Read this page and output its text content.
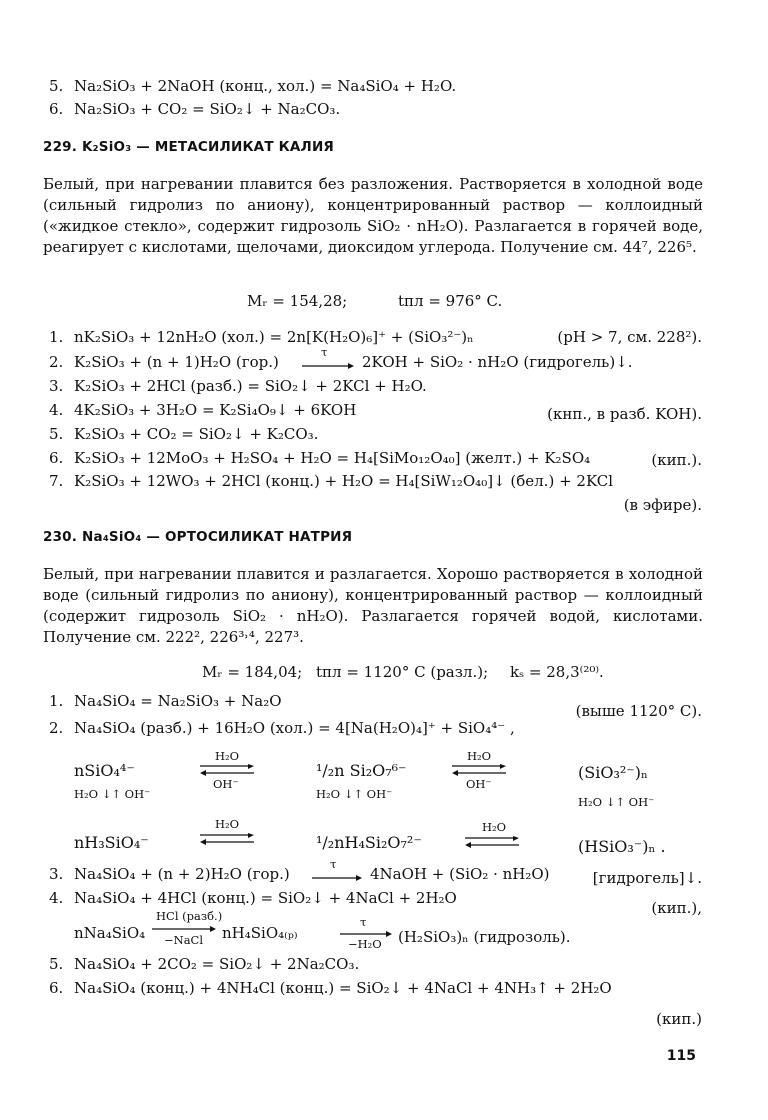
5. Na₂SiO₃ + 2NaOH (конц., хол.) = Na₄SiO₄ + H₂O.
6. Na₂SiO₃ + CO₂ = SiO₂↓ + Na₂CO₃.
229. K₂SiO₃ — МЕТАСИЛИКАТ КАЛИЯ
Белый, при нагревании плавится без разложения. Растворяется в холодной воде (сильный гидролиз по аниону), концентрированный раствор — коллоидный («жидкое стекло», содержит гидрозоль SiO₂ · nH₂O). Разлагается в горячей воде, реагирует с кислотами, щелочами, диоксидом углерода. Получение см. 44⁷, 226⁵.
Mᵣ = 154,28;	tпл = 976° C.
1. nK₂SiO₃ + 12nH₂O (хол.) = 2n[K(H₂O)₆]⁺ + (SiO₃²⁻)ₙ	(pH > 7, см. 228²).
2. K₂SiO₃ + (n + 1)H₂O (гор.)
τ
→ 2KOH + SiO₂ · nH₂O (гидрогель)↓.
3. K₂SiO₃ + 2HCl (разб.) = SiO₂↓ + 2KCl + H₂O.
4. 4K₂SiO₃ + 3H₂O = K₂Si₄O₉↓ + 6KOH	(кнп., в разб. KOH).
5. K₂SiO₃ + CO₂ = SiO₂↓ + K₂CO₃.
6. K₂SiO₃ + 12MoO₃ + H₂SO₄ + H₂O = H₄[SiMo₁₂O₄₀] (желт.) + K₂SO₄	(кип.).
7. K₂SiO₃ + 12WO₃ + 2HCl (конц.) + H₂O = H₄[SiW₁₂O₄₀]↓ (бел.) + 2KCl
(в эфире).
230. Na₄SiO₄ — ОРТОСИЛИКАТ НАТРИЯ
Белый, при нагревании плавится и разлагается. Хорошо растворяется в холодной воде (сильный гидролиз по аниону), концентрированный раствор — коллоидный (содержит гидрозоль SiO₂ · nH₂O). Разлагается горячей водой, кислотами. Получение см. 222², 226³˒⁴, 227³.
Mᵣ = 184,04; tпл = 1120° C (разл.); kₛ = 28,3⁽²⁰⁾.
1. Na₄SiO₄ = Na₂SiO₃ + Na₂O
(выше 1120° C).
2. Na₄SiO₄ (разб.) + 16H₂O (хол.) = 4[Na(H₂O)₄]⁺ + SiO₄⁴⁻ ,
nSiO₄⁴⁻
H₂O ↓↑ OH⁻
H₂O
OH⁻
¹/₂n Si₂O₇⁶⁻
H₂O ↓↑ OH⁻
H₂O
OH⁻
(SiO₃²⁻)ₙ
H₂O ↓↑ OH⁻
nH₃SiO₄⁻
H₂O
¹/₂nH₄Si₂O₇²⁻
H₂O
(HSiO₃⁻)ₙ .
3. Na₄SiO₄ + (n + 2)H₂O (гор.)
τ
→ 4NaOH + (SiO₂ · nH₂O)	[гидрогель]↓.
4. Na₄SiO₄ + 4HCl (конц.) = SiO₂↓ + 4NaCl + 2H₂O
(кип.),
nNa₄SiO₄
HCl (разб.)
−NaCl nH₄SiO₄₍ₚ₎
τ
−H₂O (H₂SiO₃)ₙ (гидрозоль).
5. Na₄SiO₄ + 2CO₂ = SiO₂↓ + 2Na₂CO₃.
6. Na₄SiO₄ (конц.) + 4NH₄Cl (конц.) = SiO₂↓ + 4NaCl + 4NH₃↑ + 2H₂O
(кип.)
115
